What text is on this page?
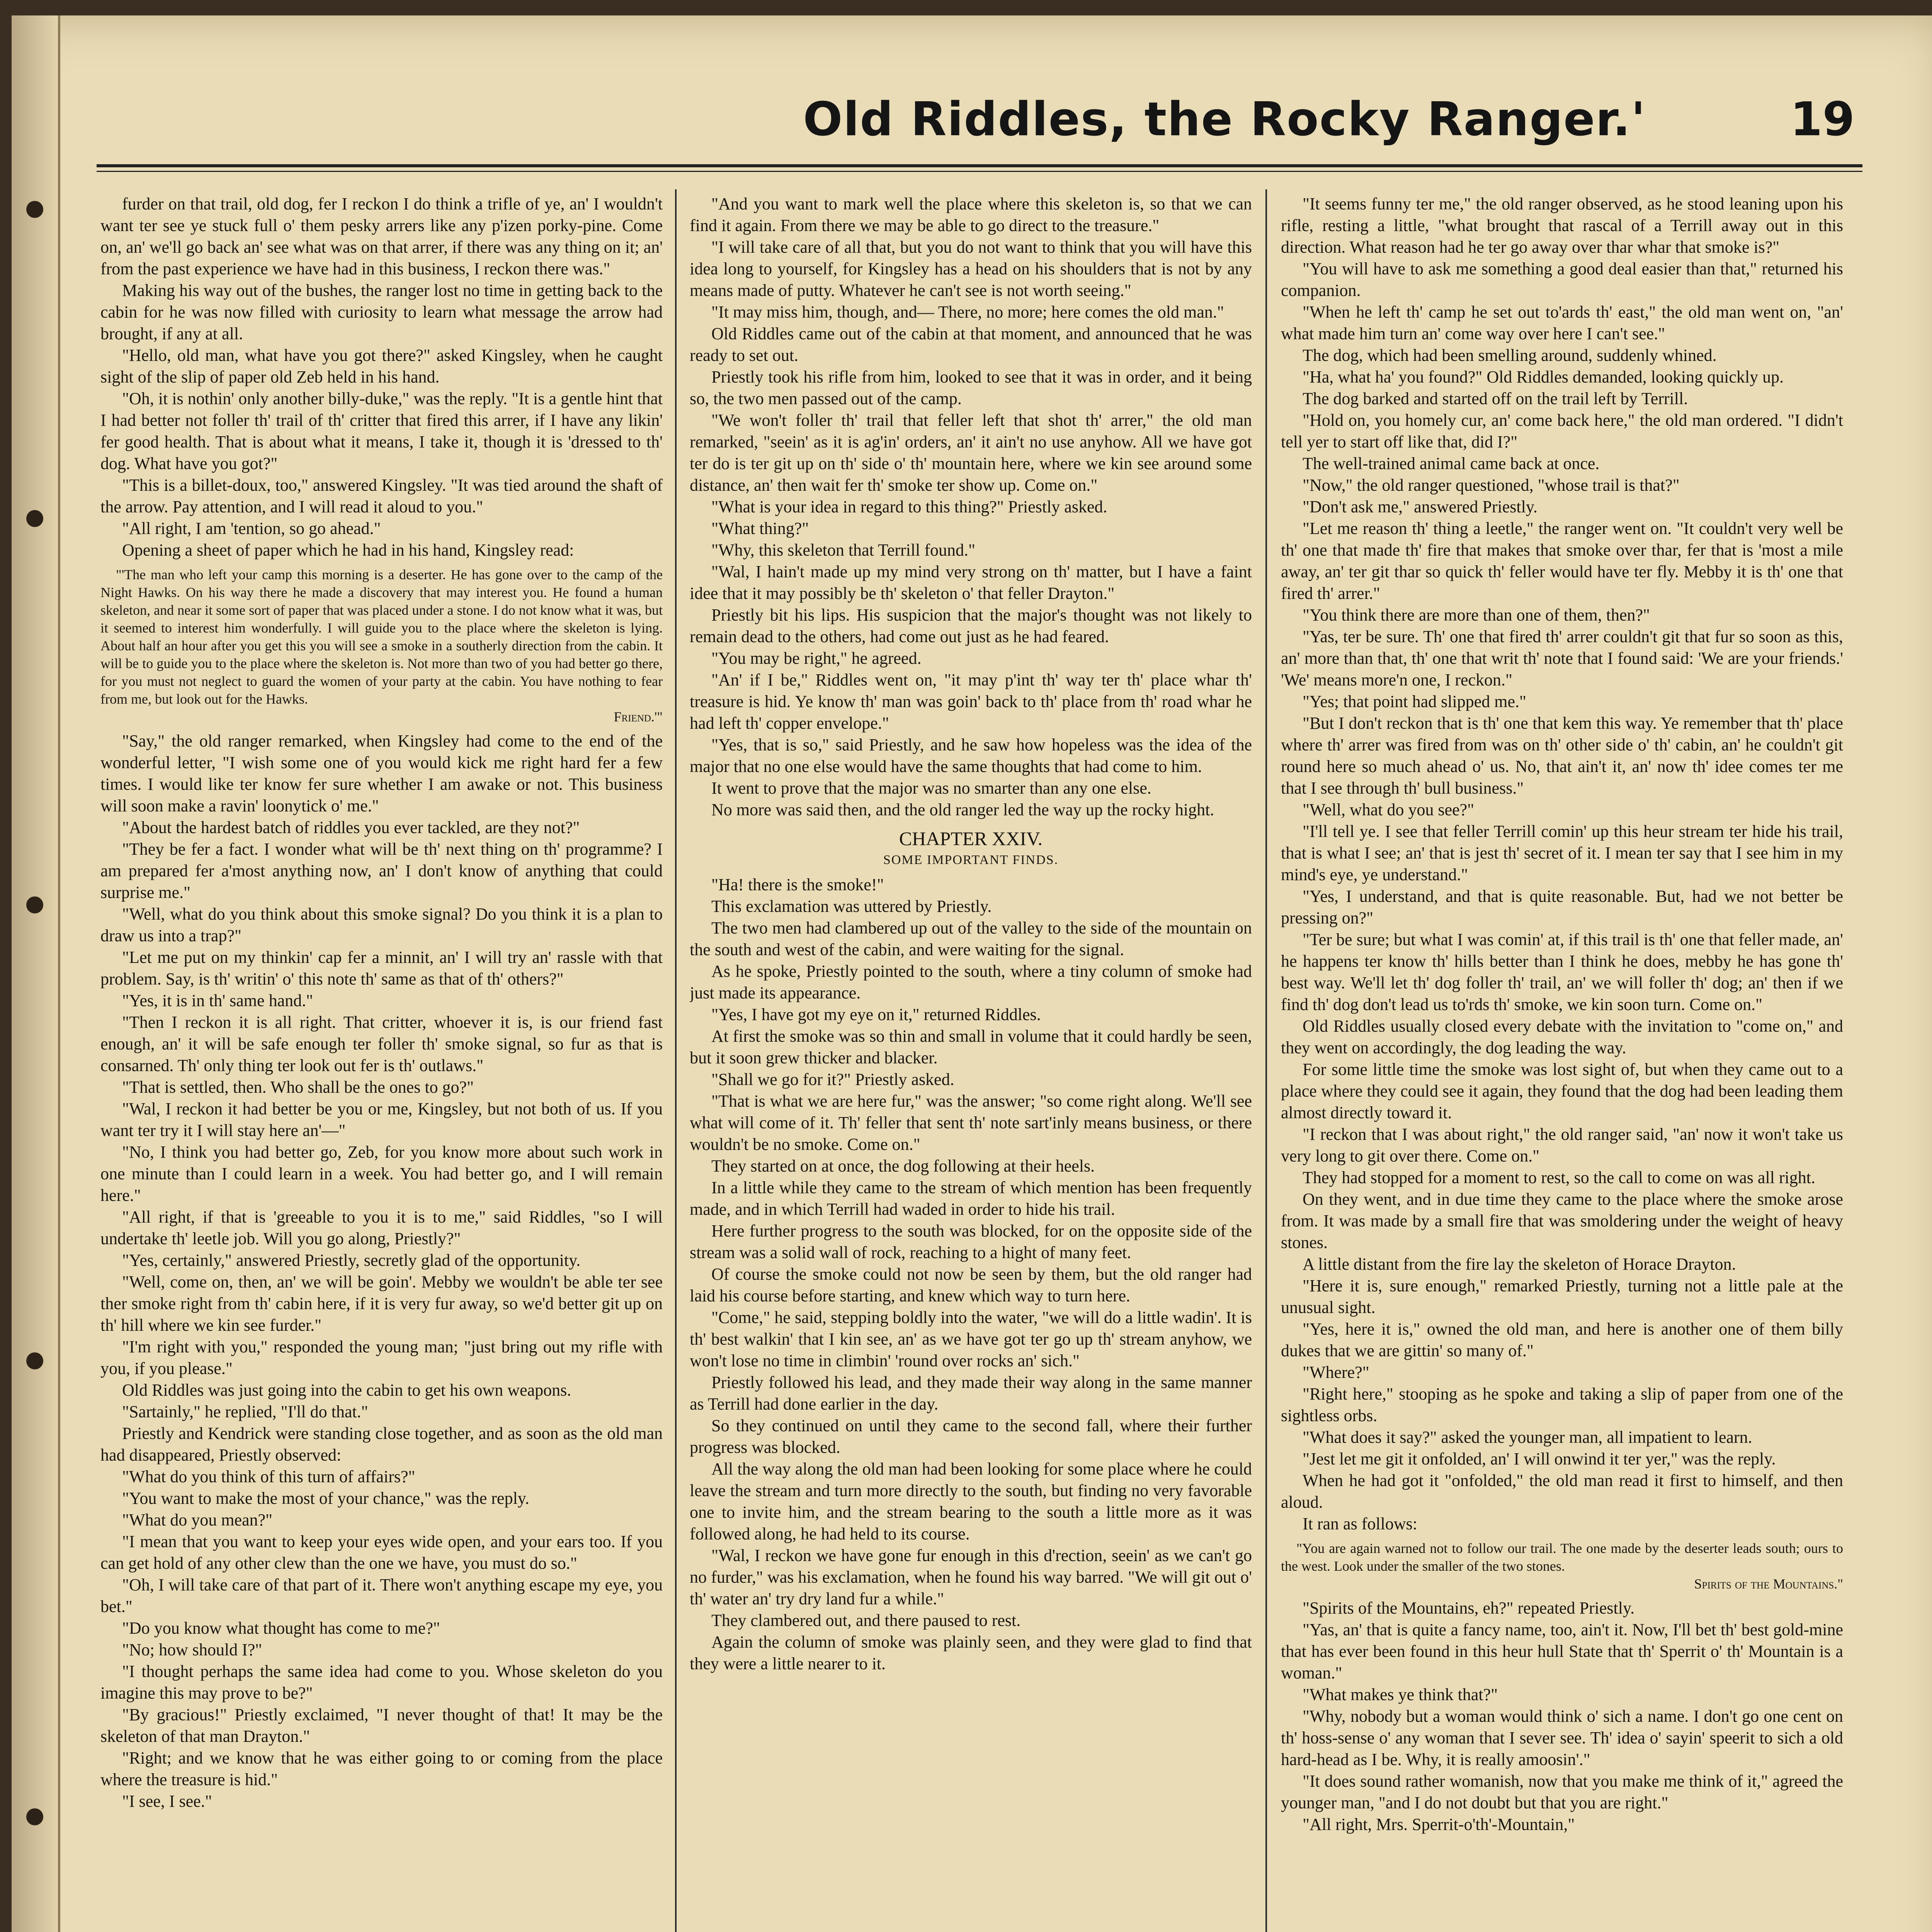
Old Riddles, the Rocky Ranger.'	19

furder on that trail, old dog, fer I reckon I do think a trifle of ye, an' I wouldn't want ter see ye stuck full o' them pesky arrers like any p'izen porky-pine. Come on, an' we'll go back an' see what was on that arrer, if there was any thing on it; an' from the past experience we have had in this business, I reckon there was."

Making his way out of the bushes, the ranger lost no time in getting back to the cabin for he was now filled with curiosity to learn what message the arrow had brought, if any at all.

"Hello, old man, what have you got there?" asked Kingsley, when he caught sight of the slip of paper old Zeb held in his hand.

"Oh, it is nothin' only another billy-duke," was the reply. "It is a gentle hint that I had better not foller th' trail of th' critter that fired this arrer, if I have any likin' fer good health. That is about what it means, I take it, though it is 'dressed to th' dog. What have you got?"

"This is a billet-doux, too," answered Kingsley. "It was tied around the shaft of the arrow. Pay attention, and I will read it aloud to you."

"All right, I am 'tention, so go ahead."

Opening a sheet of paper which he had in his hand, Kingsley read:

"'The man who left your camp this morning is a deserter. He has gone over to the camp of the Night Hawks. On his way there he made a discovery that may interest you. He found a human skeleton, and near it some sort of paper that was placed under a stone. I do not know what it was, but it seemed to interest him wonderfully. I will guide you to the place where the skeleton is lying. About half an hour after you get this you will see a smoke in a southerly direction from the cabin. It will be to guide you to the place where the skeleton is. Not more than two of you had better go there, for you must not neglect to guard the women of your party at the cabin. You have nothing to fear from me, but look out for the Hawks.

Friend.'"

"Say," the old ranger remarked, when Kingsley had come to the end of the wonderful letter, "I wish some one of you would kick me right hard fer a few times. I would like ter know fer sure whether I am awake or not. This business will soon make a ravin' loonytick o' me."

"About the hardest batch of riddles you ever tackled, are they not?"

"They be fer a fact. I wonder what will be th' next thing on th' programme? I am prepared fer a'most anything now, an' I don't know of anything that could surprise me."

"Well, what do you think about this smoke signal? Do you think it is a plan to draw us into a trap?"

"Let me put on my thinkin' cap fer a minnit, an' I will try an' rassle with that problem. Say, is th' writin' o' this note th' same as that of th' others?"

"Yes, it is in th' same hand."

"Then I reckon it is all right. That critter, whoever it is, is our friend fast enough, an' it will be safe enough ter foller th' smoke signal, so fur as that is consarned. Th' only thing ter look out fer is th' outlaws."

"That is settled, then. Who shall be the ones to go?"

"Wal, I reckon it had better be you or me, Kingsley, but not both of us. If you want ter try it I will stay here an'—"

"No, I think you had better go, Zeb, for you know more about such work in one minute than I could learn in a week. You had better go, and I will remain here."

"All right, if that is 'greeable to you it is to me," said Riddles, "so I will undertake th' leetle job. Will you go along, Priestly?"

"Yes, certainly," answered Priestly, secretly glad of the opportunity.

"Well, come on, then, an' we will be goin'. Mebby we wouldn't be able ter see ther smoke right from th' cabin here, if it is very fur away, so we'd better git up on th' hill where we kin see furder."

"I'm right with you," responded the young man; "just bring out my rifle with you, if you please."

Old Riddles was just going into the cabin to get his own weapons.

"Sartainly," he replied, "I'll do that."

Priestly and Kendrick were standing close together, and as soon as the old man had disappeared, Priestly observed:

"What do you think of this turn of affairs?"

"You want to make the most of your chance," was the reply.

"What do you mean?"

"I mean that you want to keep your eyes wide open, and your ears too. If you can get hold of any other clew than the one we have, you must do so."

"Oh, I will take care of that part of it. There won't anything escape my eye, you bet."

"Do you know what thought has come to me?"

"No; how should I?"

"I thought perhaps the same idea had come to you. Whose skeleton do you imagine this may prove to be?"

"By gracious!" Priestly exclaimed, "I never thought of that! It may be the skeleton of that man Drayton."

"Right; and we know that he was either going to or coming from the place where the treasure is hid."

"I see, I see."

"And you want to mark well the place where this skeleton is, so that we can find it again. From there we may be able to go direct to the treasure."

"I will take care of all that, but you do not want to think that you will have this idea long to yourself, for Kingsley has a head on his shoulders that is not by any means made of putty. Whatever he can't see is not worth seeing."

"It may miss him, though, and— There, no more; here comes the old man."

Old Riddles came out of the cabin at that moment, and announced that he was ready to set out.

Priestly took his rifle from him, looked to see that it was in order, and it being so, the two men passed out of the camp.

"We won't foller th' trail that feller left that shot th' arrer," the old man remarked, "seein' as it is ag'in' orders, an' it ain't no use anyhow. All we have got ter do is ter git up on th' side o' th' mountain here, where we kin see around some distance, an' then wait fer th' smoke ter show up. Come on."

"What is your idea in regard to this thing?" Priestly asked.

"What thing?"

"Why, this skeleton that Terrill found."

"Wal, I hain't made up my mind very strong on th' matter, but I have a faint idee that it may possibly be th' skeleton o' that feller Drayton."

Priestly bit his lips. His suspicion that the major's thought was not likely to remain dead to the others, had come out just as he had feared.

"You may be right," he agreed.

"An' if I be," Riddles went on, "it may p'int th' way ter th' place whar th' treasure is hid. Ye know th' man was goin' back to th' place from th' road whar he had left th' copper envelope."

"Yes, that is so," said Priestly, and he saw how hopeless was the idea of the major that no one else would have the same thoughts that had come to him.

It went to prove that the major was no smarter than any one else.

No more was said then, and the old ranger led the way up the rocky hight.

CHAPTER XXIV.
SOME IMPORTANT FINDS.

"Ha! there is the smoke!"

This exclamation was uttered by Priestly.

The two men had clambered up out of the valley to the side of the mountain on the south and west of the cabin, and were waiting for the signal.

As he spoke, Priestly pointed to the south, where a tiny column of smoke had just made its appearance.

"Yes, I have got my eye on it," returned Riddles.

At first the smoke was so thin and small in volume that it could hardly be seen, but it soon grew thicker and blacker.

"Shall we go for it?" Priestly asked.

"That is what we are here fur," was the answer; "so come right along. We'll see what will come of it. Th' feller that sent th' note sart'inly means business, or there wouldn't be no smoke. Come on."

They started on at once, the dog following at their heels.

In a little while they came to the stream of which mention has been frequently made, and in which Terrill had waded in order to hide his trail.

Here further progress to the south was blocked, for on the opposite side of the stream was a solid wall of rock, reaching to a hight of many feet.

Of course the smoke could not now be seen by them, but the old ranger had laid his course before starting, and knew which way to turn here.

"Come," he said, stepping boldly into the water, "we will do a little wadin'. It is th' best walkin' that I kin see, an' as we have got ter go up th' stream anyhow, we won't lose no time in climbin' 'round over rocks an' sich."

Priestly followed his lead, and they made their way along in the same manner as Terrill had done earlier in the day.

So they continued on until they came to the second fall, where their further progress was blocked.

All the way along the old man had been looking for some place where he could leave the stream and turn more directly to the south, but finding no very favorable one to invite him, and the stream bearing to the south a little more as it was followed along, he had held to its course.

"Wal, I reckon we have gone fur enough in this d'rection, seein' as we can't go no furder," was his exclamation, when he found his way barred. "We will git out o' th' water an' try dry land fur a while."

They clambered out, and there paused to rest.

Again the column of smoke was plainly seen, and they were glad to find that they were a little nearer to it.

"It seems funny ter me," the old ranger observed, as he stood leaning upon his rifle, resting a little, "what brought that rascal of a Terrill away out in this direction. What reason had he ter go away over thar whar that smoke is?"

"You will have to ask me something a good deal easier than that," returned his companion.

"When he left th' camp he set out to'ards th' east," the old man went on, "an' what made him turn an' come way over here I can't see."

The dog, which had been smelling around, suddenly whined.

"Ha, what ha' you found?" Old Riddles demanded, looking quickly up.

The dog barked and started off on the trail left by Terrill.

"Hold on, you homely cur, an' come back here," the old man ordered. "I didn't tell yer to start off like that, did I?"

The well-trained animal came back at once.

"Now," the old ranger questioned, "whose trail is that?"

"Don't ask me," answered Priestly.

"Let me reason th' thing a leetle," the ranger went on. "It couldn't very well be th' one that made th' fire that makes that smoke over thar, fer that is 'most a mile away, an' ter git thar so quick th' feller would have ter fly. Mebby it is th' one that fired th' arrer."

"You think there are more than one of them, then?"

"Yas, ter be sure. Th' one that fired th' arrer couldn't git that fur so soon as this, an' more than that, th' one that writ th' note that I found said: 'We are your friends.' 'We' means more'n one, I reckon."

"Yes; that point had slipped me."

"But I don't reckon that is th' one that kem this way. Ye remember that th' place where th' arrer was fired from was on th' other side o' th' cabin, an' he couldn't git round here so much ahead o' us. No, that ain't it, an' now th' idee comes ter me that I see through th' bull business."

"Well, what do you see?"

"I'll tell ye. I see that feller Terrill comin' up this heur stream ter hide his trail, that is what I see; an' that is jest th' secret of it. I mean ter say that I see him in my mind's eye, ye understand."

"Yes, I understand, and that is quite reasonable. But, had we not better be pressing on?"

"Ter be sure; but what I was comin' at, if this trail is th' one that feller made, an' he happens ter know th' hills better than I think he does, mebby he has gone th' best way. We'll let th' dog foller th' trail, an' we will foller th' dog; an' then if we find th' dog don't lead us to'rds th' smoke, we kin soon turn. Come on."

Old Riddles usually closed every debate with the invitation to "come on," and they went on accordingly, the dog leading the way.

For some little time the smoke was lost sight of, but when they came out to a place where they could see it again, they found that the dog had been leading them almost directly toward it.

"I reckon that I was about right," the old ranger said, "an' now it won't take us very long to git over there. Come on."

They had stopped for a moment to rest, so the call to come on was all right.

On they went, and in due time they came to the place where the smoke arose from. It was made by a small fire that was smoldering under the weight of heavy stones.

A little distant from the fire lay the skeleton of Horace Drayton.

"Here it is, sure enough," remarked Priestly, turning not a little pale at the unusual sight.

"Yes, here it is," owned the old man, and here is another one of them billy dukes that we are gittin' so many of."

"Where?"

"Right here," stooping as he spoke and taking a slip of paper from one of the sightless orbs.

"What does it say?" asked the younger man, all impatient to learn.

"Jest let me git it onfolded, an' I will onwind it ter yer," was the reply.

When he had got it "onfolded," the old man read it first to himself, and then aloud.

It ran as follows:

"You are again warned not to follow our trail. The one made by the deserter leads south; ours to the west. Look under the smaller of the two stones.

Spirits of the Mountains."

"Spirits of the Mountains, eh?" repeated Priestly.

"Yas, an' that is quite a fancy name, too, ain't it. Now, I'll bet th' best gold-mine that has ever been found in this heur hull State that th' Sperrit o' th' Mountain is a woman."

"What makes ye think that?"

"Why, nobody but a woman would think o' sich a name. I don't go one cent on th' hoss-sense o' any woman that I sever see. Th' idea o' sayin' speerit to sich a old hard-head as I be. Why, it is really amoosin'."

"It does sound rather womanish, now that you make me think of it," agreed the younger man, "and I do not doubt but that you are right."

"All right, Mrs. Sperrit-o'th'-Mountain,"
